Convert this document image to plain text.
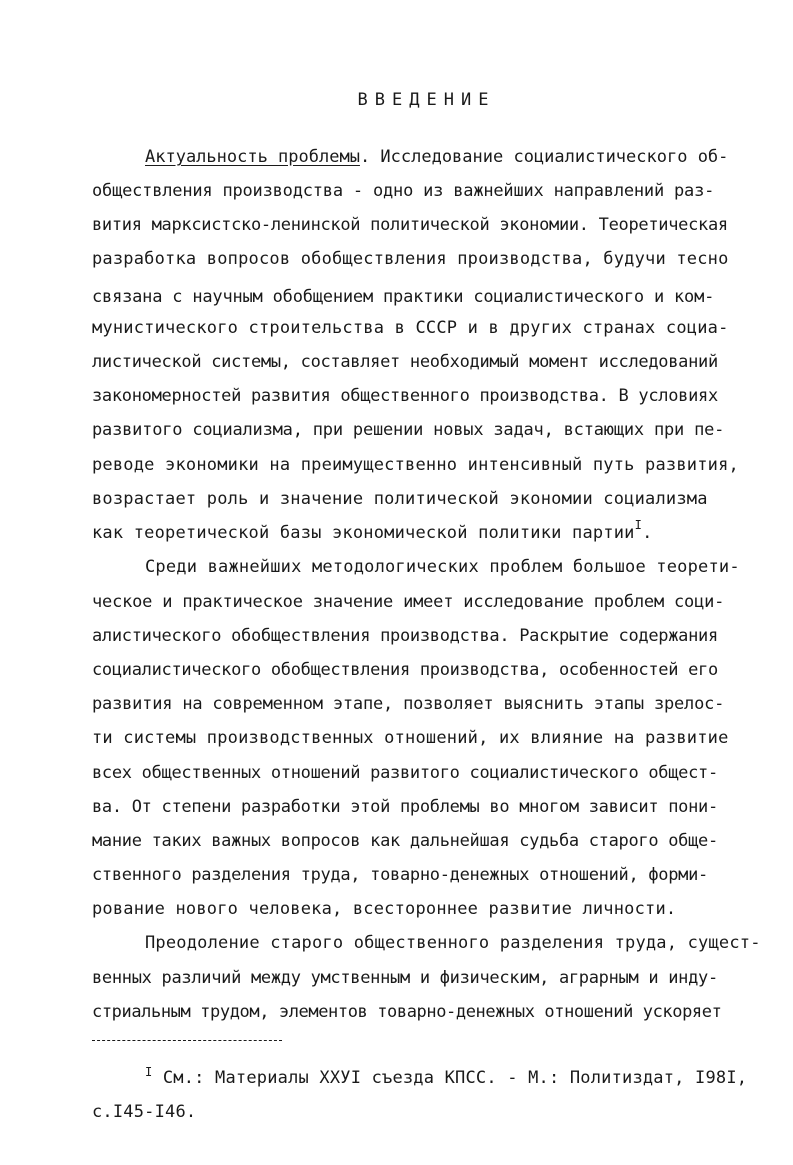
ВВЕДЕНИЕ
Актуальность проблемы. Исследование социалистического об-
обществления производства - одно из важнейших направлений раз-
вития марксистско-ленинской политической экономии. Теоретическая
разработка вопросов обобществления производства, будучи тесно
связана с научным обобщением практики социалистического и ком-
мунистического строительства в СССР и в других странах социа-
листической системы, составляет необходимый момент исследований
закономерностей развития общественного производства. В условиях
развитого социализма, при решении новых задач, встающих при пе-
реводе экономики на преимущественно интенсивный путь развития,
возрастает роль и значение политической экономии социализма
как теоретической базы экономической политики партии$^I$.
Среди важнейших методологических проблем большое теорети-
ческое и практическое значение имеет исследование проблем соци-
алистического обобществления производства. Раскрытие содержания
социалистического обобществления производства, особенностей его
развития на современном этапе, позволяет выяснить этапы зрелос-
ти системы производственных отношений, их влияние на развитие
всех общественных отношений развитого социалистического общест-
ва. От степени разработки этой проблемы во многом зависит пони-
мание таких важных вопросов как дальнейшая судьба старого обще-
ственного разделения труда, товарно-денежных отношений, форми-
рование нового человека, всестороннее развитие личности.
Преодоление старого общественного разделения труда, сущест-
венных различий между умственным и физическим, аграрным и инду-
стриальным трудом, элементов товарно-денежных отношений ускоряет
$^I$ См.: Материалы ХХУI съезда КПСС. - М.: Политиздат, I98I,
с.I45-I46.
